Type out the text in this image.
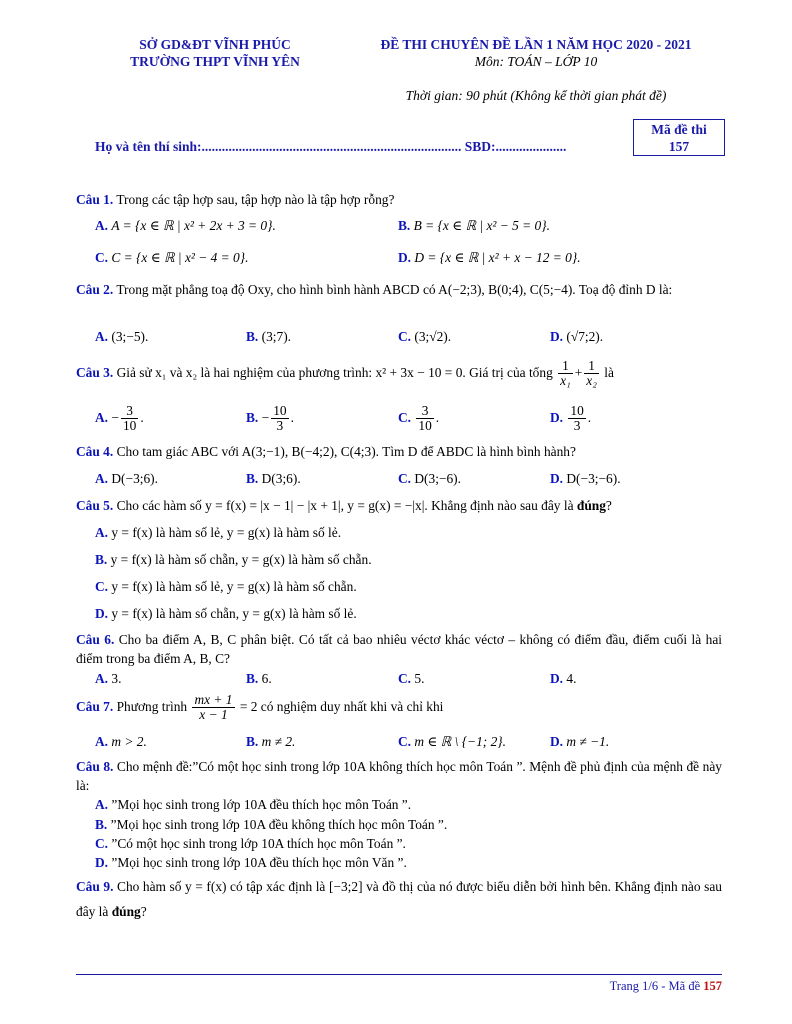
SỞ GD&ĐT VĨNH PHÚC
TRƯỜNG THPT VĨNH YÊN
ĐỀ THI CHUYÊN ĐỀ LẦN 1 NĂM HỌC 2020 - 2021
Môn: TOÁN – LỚP 10
Thời gian: 90 phút (Không kể thời gian phát đề)
Họ và tên thí sinh:............................................................................. SBD:.....................
Mã đề thi
157
Câu 1. Trong các tập hợp sau, tập hợp nào là tập hợp rỗng?
A. A = {x ∈ ℝ | x² + 2x + 3 = 0}.	B. B = {x ∈ ℝ | x² − 5 = 0}.
C. C = {x ∈ ℝ | x² − 4 = 0}.	D. D = {x ∈ ℝ | x² + x − 12 = 0}.
Câu 2. Trong mặt phẳng toạ độ Oxy, cho hình bình hành ABCD có A(−2;3), B(0;4), C(5;−4). Toạ độ đỉnh D là:
A. (3;−5).	B. (3;7).	C. (3;√2).	D. (√7;2).
Câu 3. Giả sử x₁ và x₂ là hai nghiệm của phương trình: x² + 3x − 10 = 0. Giá trị của tổng $\frac{1}{\text{x₁}} + \frac{1}{\text{x₂}}$ là
A. − $\frac{3}{10}$ .	B. − $\frac{10}{3}$ .	C. $\frac{3}{10}$ .	D. $\frac{10}{3}$ .
Câu 4. Cho tam giác ABC với A(3;−1), B(−4;2), C(4;3). Tìm D để ABDC là hình bình hành?
A. D(−3;6).	B. D(3;6).	C. D(3;−6).	D. D(−3;−6).
Câu 5. Cho các hàm số y = f(x) = |x − 1| − |x + 1|, y = g(x) = −|x|. Khẳng định nào sau đây là đúng?
A. y = f(x) là hàm số lẻ, y = g(x) là hàm số lẻ.
B. y = f(x) là hàm số chẵn, y = g(x) là hàm số chẵn.
C. y = f(x) là hàm số lẻ, y = g(x) là hàm số chẵn.
D. y = f(x) là hàm số chẵn, y = g(x) là hàm số lẻ.
Câu 6. Cho ba điểm A, B, C phân biệt. Có tất cả bao nhiêu véctơ khác véctơ – không có điểm đầu, điểm cuối là hai điểm trong ba điểm A, B, C?
A. 3.	B. 6.	C. 5.	D. 4.
Câu 7. Phương trình $\frac{mx + 1}{x - 1} = 2$ có nghiệm duy nhất khi và chỉ khi
A. m > 2.	B. m ≠ 2.	C. m ∈ ℝ \ {−1; 2}.	D. m ≠ −1.
Câu 8. Cho mệnh đề:”Có một học sinh trong lớp 10A không thích học môn Toán ”. Mệnh đề phủ định của mệnh đề này là:
A. ”Mọi học sinh trong lớp 10A đều thích học môn Toán ”.
B. ”Mọi học sinh trong lớp 10A đều không thích học môn Toán ”.
C. ”Có một học sinh trong lớp 10A thích học môn Toán ”.
D. ”Mọi học sinh trong lớp 10A đều thích học môn Văn ”.
Câu 9. Cho hàm số y = f(x) có tập xác định là [−3;2] và đồ thị của nó được biểu diễn bởi hình bên. Khẳng định nào sau đây là đúng?
Trang 1/6 - Mã đề 157
